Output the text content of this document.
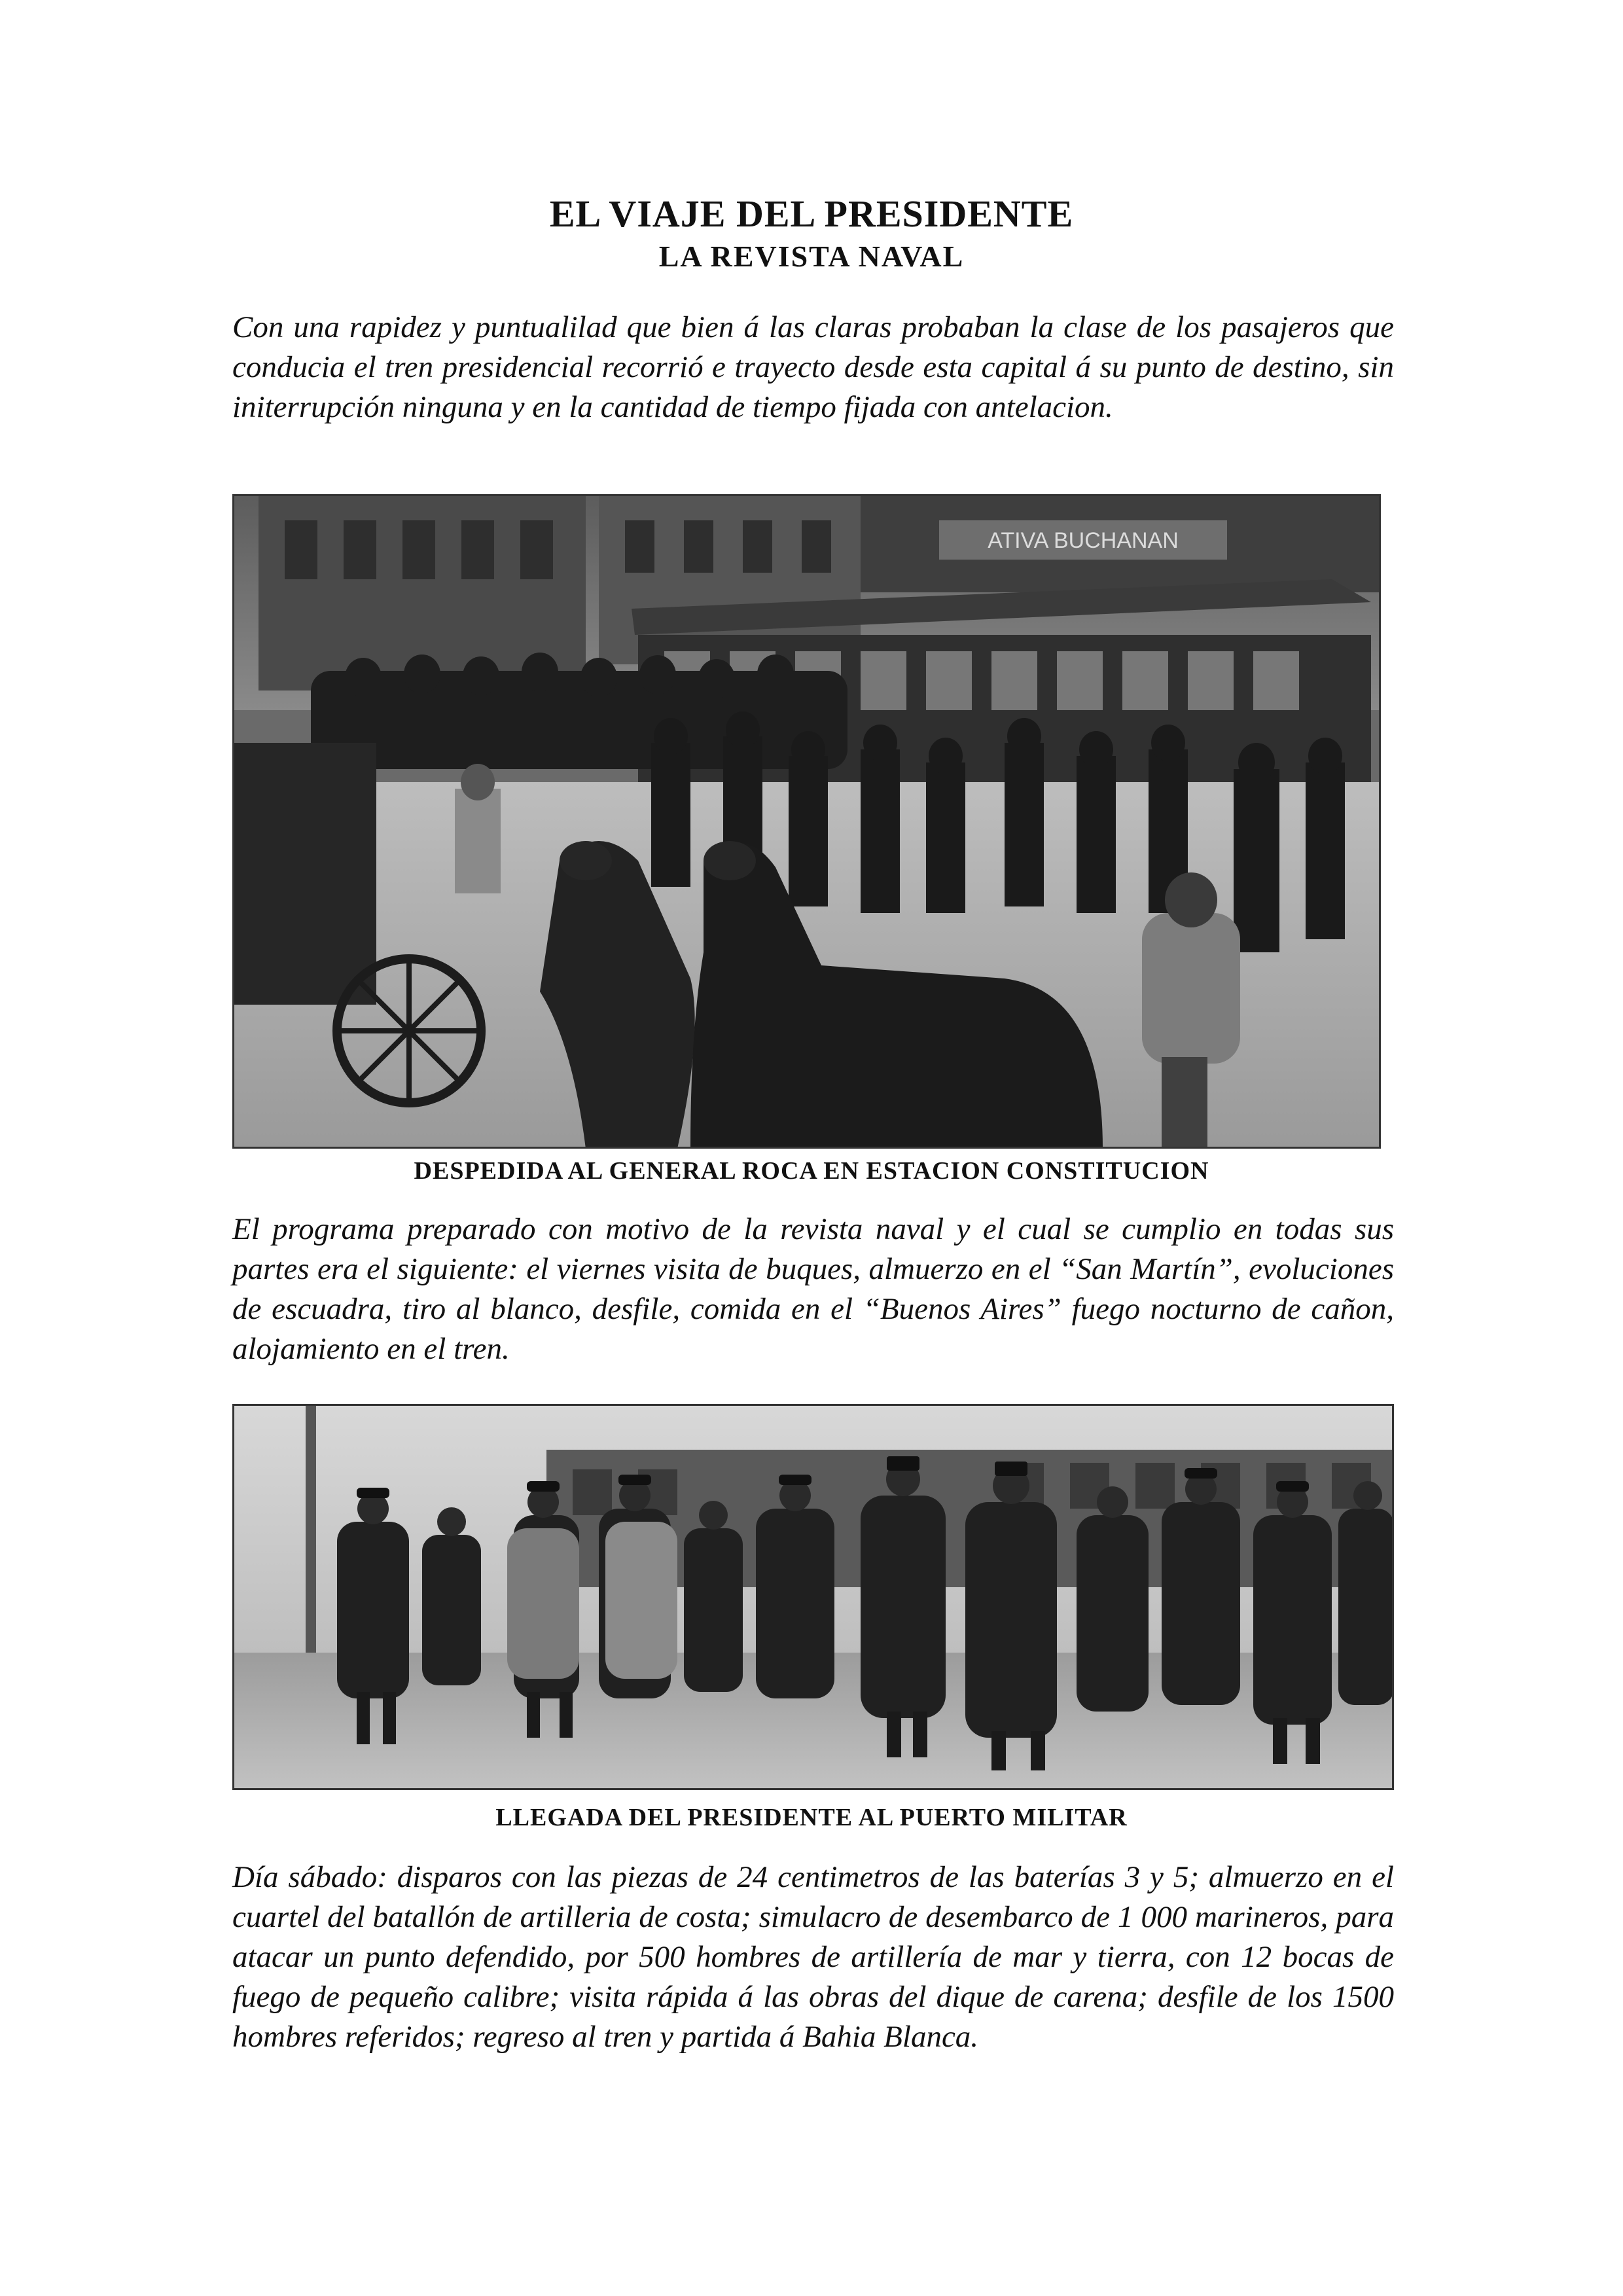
EL VIAJE DEL PRESIDENTE
LA REVISTA NAVAL

Con una rapidez y puntualilad que bien á las claras probaban la clase de los pasajeros que conducia el tren presidencial recorrió e trayecto desde esta capital á su punto de destino, sin initerrupción ninguna y en la cantidad de tiempo fijada con antelacion.

ATIVA BUCHANAN
DESPEDIDA AL GENERAL ROCA EN ESTACION CONSTITUCION

El programa preparado con motivo de la revista naval y el cual se cumplio en todas sus partes era el siguiente: el viernes visita de buques, almuerzo en el “San Martín”, evoluciones de escuadra, tiro al blanco, desfile, comida en el “Buenos Aires” fuego nocturno de cañon, alojamiento en el tren.

LLEGADA DEL PRESIDENTE AL PUERTO MILITAR

Día sábado: disparos con las piezas de 24 centimetros de las baterías 3 y 5; almuerzo en el cuartel del batallón de artilleria de costa; simulacro de desembarco de 1 000 marineros, para atacar un punto defendido, por 500 hombres de artillería de mar y tierra, con 12 bocas de fuego de pequeño calibre; visita rápida á las obras del dique de carena; desfile de los 1500 hombres referidos; regreso al tren y partida á Bahia Blanca.
